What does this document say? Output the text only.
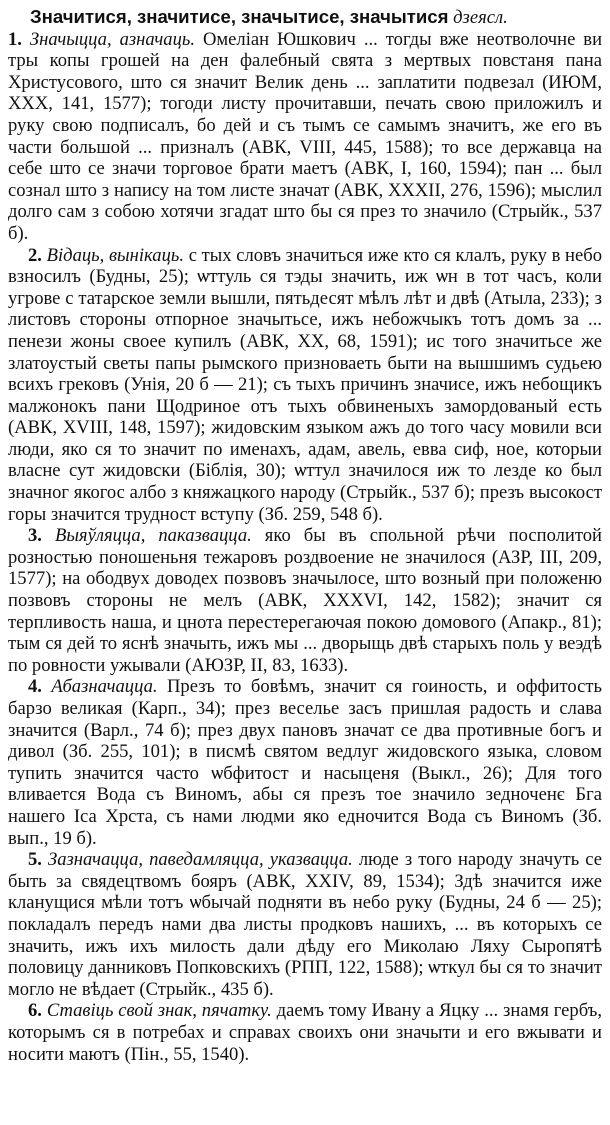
Значитися, значитисе, значытисе, значытися дзеясл.

1. Значыцца, азначаць. Омеліан Юшкович ... тогды вже неотволочне ви тры копы грошей на ден фалебный свята з мертвых повстаня пана Христусового, што ся значит Велик день ... заплатити подвезал (ИЮМ, XXX, 141, 1577); тогоди листу прочитавши, печать свою приложилъ и руку свою подписалъ, бо дей и съ тымъ се самымъ значитъ, же его въ части большой ... призналъ (АВК, VIII, 445, 1588); то все державца на себе што се значи торговое брати маетъ (АВК, I, 160, 1594); пан ... был сознал што з напису на том листе значат (АВК, XXXII, 276, 1596); мыслил долго сам з собою хотячи згадат што бы ся през то значило (Стрыйк., 537 б).

2. Відаць, вынікаць. с тых словъ значиться иже кто ся клалъ, руку в небо взносилъ (Будны, 25); ѡттуль ся тэды значить, иж ѡн в тот часъ, коли угрове с татарское земли вышли, пятьдесят мѣлъ лѣт и двѣ (Атыла, 233); з листовъ стороны отпорное значытьсе, ижъ небожчыкъ тотъ домъ за ... пенези жоны своее купилъ (АВК, XX, 68, 1591); ис того значитьсе же златоустый светы папы рымского призноваеть быти на вышшимъ судьею всихъ грековъ (Унія, 20 б — 21); съ тыхъ причинъ значисе, ижъ небощикъ малжонокъ пани Щодриное отъ тыхъ обвиненыхъ замордованый есть (АВК, XVIII, 148, 1597); жидовским языком ажъ до того часу мовили вси люди, яко ся то значит по именахъ, адам, авель, евва сиф, ное, которыи власне сут жидовски (Біблія, 30); ѡттул значилося иж то лезде ко был значног якогос албо з княжацкого народу (Стрыйк., 537 б); презъ высокост горы значится трудност вступу (Зб. 259, 548 б).

3. Выяўляцца, паказвацца. яко бы въ спольной рѣчи посполитой розностью поношеньня тежаровъ роздвоение не значилося (АЗР, III, 209, 1577); на ободвух доводех позвовъ значылосе, што возный при положеню позвовъ стороны не мелъ (АВК, XXXVI, 142, 1582); значит ся терпливость наша, и цнота перестерегаючая покою домового (Апакр., 81); тым ся дей то яснѣ значыть, ижъ мы ... дворыщь двѣ старыхъ поль у веэдѣ по ровности ужывали (АЮЗР, II, 83, 1633).

4. Абазначацца. Презъ то бовѣмъ, значит ся гоиность, и оффитость барзо великая (Карп., 34); през веселье засъ пришлая радость и слава значится (Варл., 74 б); през двух пановъ значат се два противные богъ и дивол (Зб. 255, 101); в писмѣ святом ведлуг жидовского языка, словом тупить значится часто ѡбфитост и насыценя (Выкл., 26); Для того вливается Вода съ Виномъ, абы ся презъ тое значило зедноченє Бга нашего Іса Хрста, съ нами людми яко едночится Вода съ Виномъ (Зб. вып., 19 б).

5. Зазначацца, паведамляцца, указвацца. люде з того народу значуть се быть за свядецтвомъ бояръ (АВК, XXIV, 89, 1534); Здѣ значится иже кланущися мѣли тотъ ѡбычай подняти въ небо руку (Будны, 24 б — 25); покладалъ передъ нами два листы продковъ нашихъ, ... въ которыхъ се значить, ижъ ихъ милость дали дѣду его Миколаю Ляху Сыропятѣ половицу данниковъ Попковскихъ (РПП, 122, 1588); ѡткул бы ся то значит могло не вѣдает (Стрыйк., 435 б).

6. Ставіць свой знак, пячатку. даемъ тому Ивану а Яцку ... знамя гербъ, которымъ ся в потребах и справах своихъ они значыти и его вжывати и носити маютъ (Пін., 55, 1540).
